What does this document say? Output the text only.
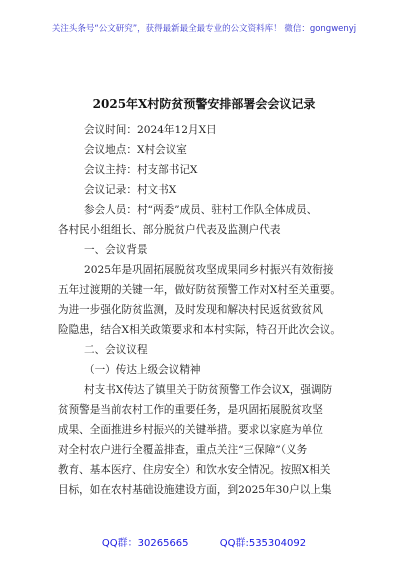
关注头条号“公文研究”，获得最新最全最专业的公文资料库！ 微信：gongwenyj
2025年X村防贫预警安排部署会会议记录
会议时间：2024年12月X日
会议地点：X村会议室
会议主持：村支部书记X
会议记录：村文书X
参会人员：村“两委”成员、驻村工作队全体成员、
各村民小组组长、部分脱贫户代表及监测户代表
一、会议背景
2025年是巩固拓展脱贫攻坚成果同乡村振兴有效衔接
五年过渡期的关键一年，做好防贫预警工作对X村至关重要。
为进一步强化防贫监测，及时发现和解决村民返贫致贫风
险隐患，结合X相关政策要求和本村实际，特召开此次会议。
二、会议议程
（一）传达上级会议精神
村支书X传达了镇里关于防贫预警工作会议X，强调防
贫预警是当前农村工作的重要任务，是巩固拓展脱贫攻坚
成果、全面推进乡村振兴的关键举措。要求以家庭为单位
对全村农户进行全覆盖排查，重点关注“三保障”（义务
教育、基本医疗、住房安全）和饮水安全情况。按照X相关
目标，如在农村基础设施建设方面，到2025年30户以上集
QQ群：30265665	QQ群:535304092
